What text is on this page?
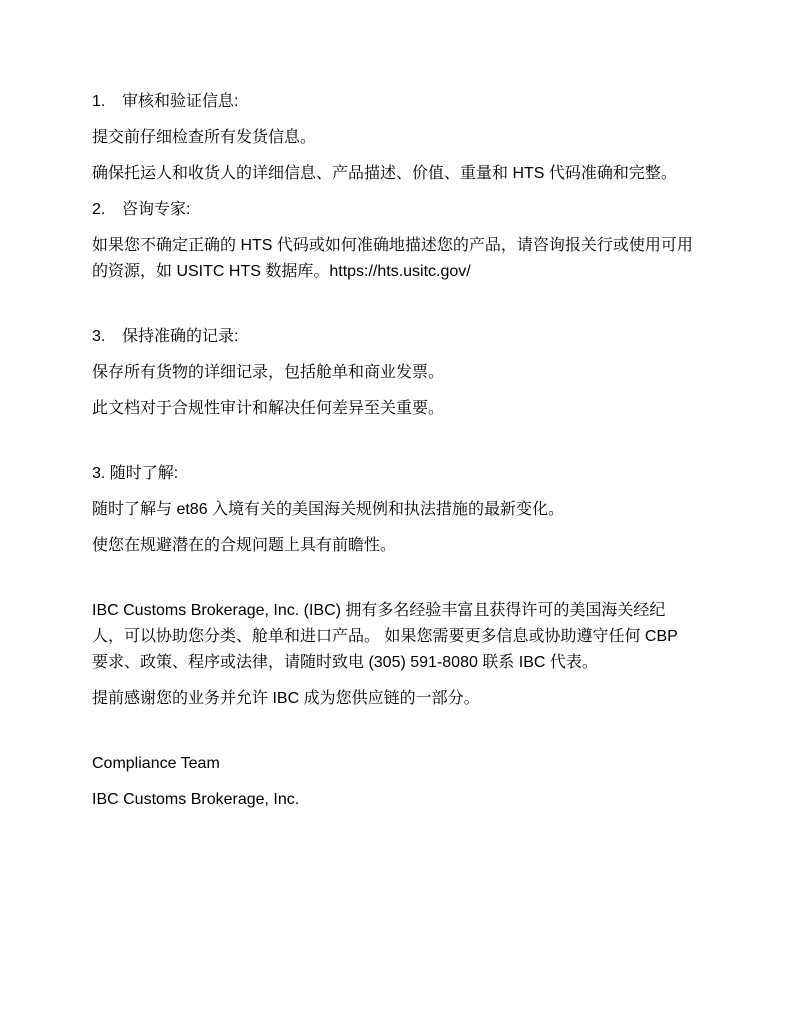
1. 审核和验证信息:

提交前仔细检查所有发货信息。

确保托运人和收货人的详细信息、产品描述、价值、重量和 HTS 代码准确和完整。

2. 咨询专家:

如果您不确定正确的 HTS 代码或如何准确地描述您的产品，请咨询报关行或使用可用的资源，如 USITC HTS 数据库。https://hts.usitc.gov/

3. 保持准确的记录:

保存所有货物的详细记录，包括舱单和商业发票。

此文档对于合规性审计和解决任何差异至关重要。

3. 随时了解:

随时了解与 et86 入境有关的美国海关规例和执法措施的最新变化。

使您在规避潜在的合规问题上具有前瞻性。

IBC Customs Brokerage, Inc. (IBC) 拥有多名经验丰富且获得许可的美国海关经纪人，可以协助您分类、舱单和进口产品。 如果您需要更多信息或协助遵守任何 CBP 要求、政策、程序或法律，请随时致电 (305) 591-8080 联系 IBC 代表。

提前感谢您的业务并允许 IBC 成为您供应链的一部分。

Compliance Team

IBC Customs Brokerage, Inc.
